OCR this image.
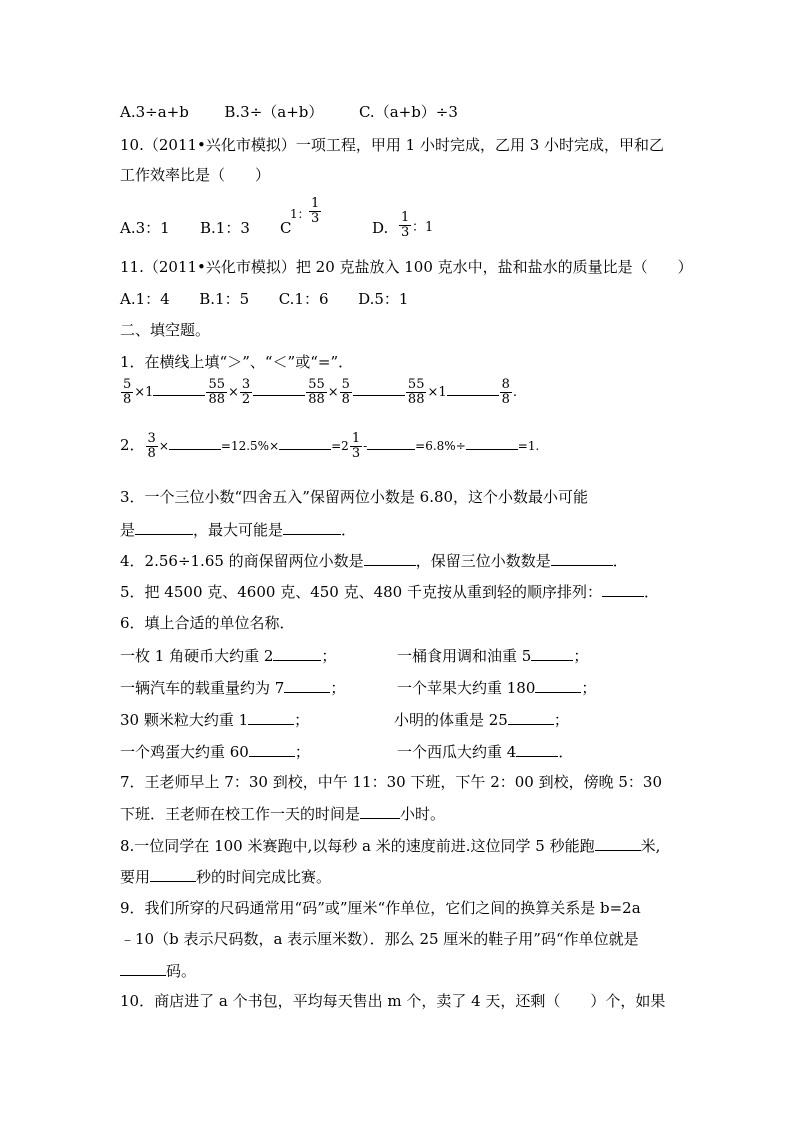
A.3÷a+b B.3÷（a+b） C.（a+b）÷3
10.（2011•兴化市模拟）一项工程，甲用 1 小时完成，乙用 3 小时完成，甲和乙
工作效率比是（　　）
A.3：1 B.1：3 C
1： $\frac{1}{3}$
D. $\frac{1}{3}$ ：1
11.（2011•兴化市模拟）把 20 克盐放入 100 克水中，盐和盐水的质量比是（　　）
A.1：4 B.1：5 C.1：6 D.5：1
二、填空题。
1．在横线上填“＞”、“＜”或“=”．
$\frac{5}{8} \times 1$	$\frac{55}{88} \times \frac{3}{2}$	$\frac{55}{88} \times \frac{5}{8}$	$\frac{55}{88} \times 1$	$\frac{8}{8}$ .
2． $\frac{3}{8}$ ×	=12.5%×	$=2 \frac{1}{3}$ -	=6.8%÷	=1.
3．一个三位小数“四舍五入”保留两位小数是 6.80，这个小数最小可能
是	，最大可能是	．
4．2.56÷1.65 的商保留两位小数是	，保留三位小数数是	．
5．把 4500 克、4600 克、450 克、480 千克按从重到轻的顺序排列：	．
6．填上合适的单位名称．
一枚 1 角硬币大约重 2	；	一桶食用调和油重 5	；
一辆汽车的载重量约为 7	；	一个苹果大约重 180	；
30 颗米粒大约重 1	；	小明的体重是 25	；
一个鸡蛋大约重 60	；	一个西瓜大约重 4	．
7．王老师早上 7：30 到校，中午 11：30 下班，下午 2：00 到校，傍晚 5：30
下班．王老师在校工作一天的时间是	小时。
8.一位同学在 100 米赛跑中,以每秒 a 米的速度前进.这位同学 5 秒能跑	米,
要用	秒的时间完成比赛。
9．我们所穿的尺码通常用“码”或”厘米“作单位，它们之间的换算关系是 b=2a
﹣10（b 表示尺码数，a 表示厘米数）．那么 25 厘米的鞋子用”码“作单位就是
码。
10．商店进了 a 个书包，平均每天售出 m 个，卖了 4 天，还剩（　　）个，如果
